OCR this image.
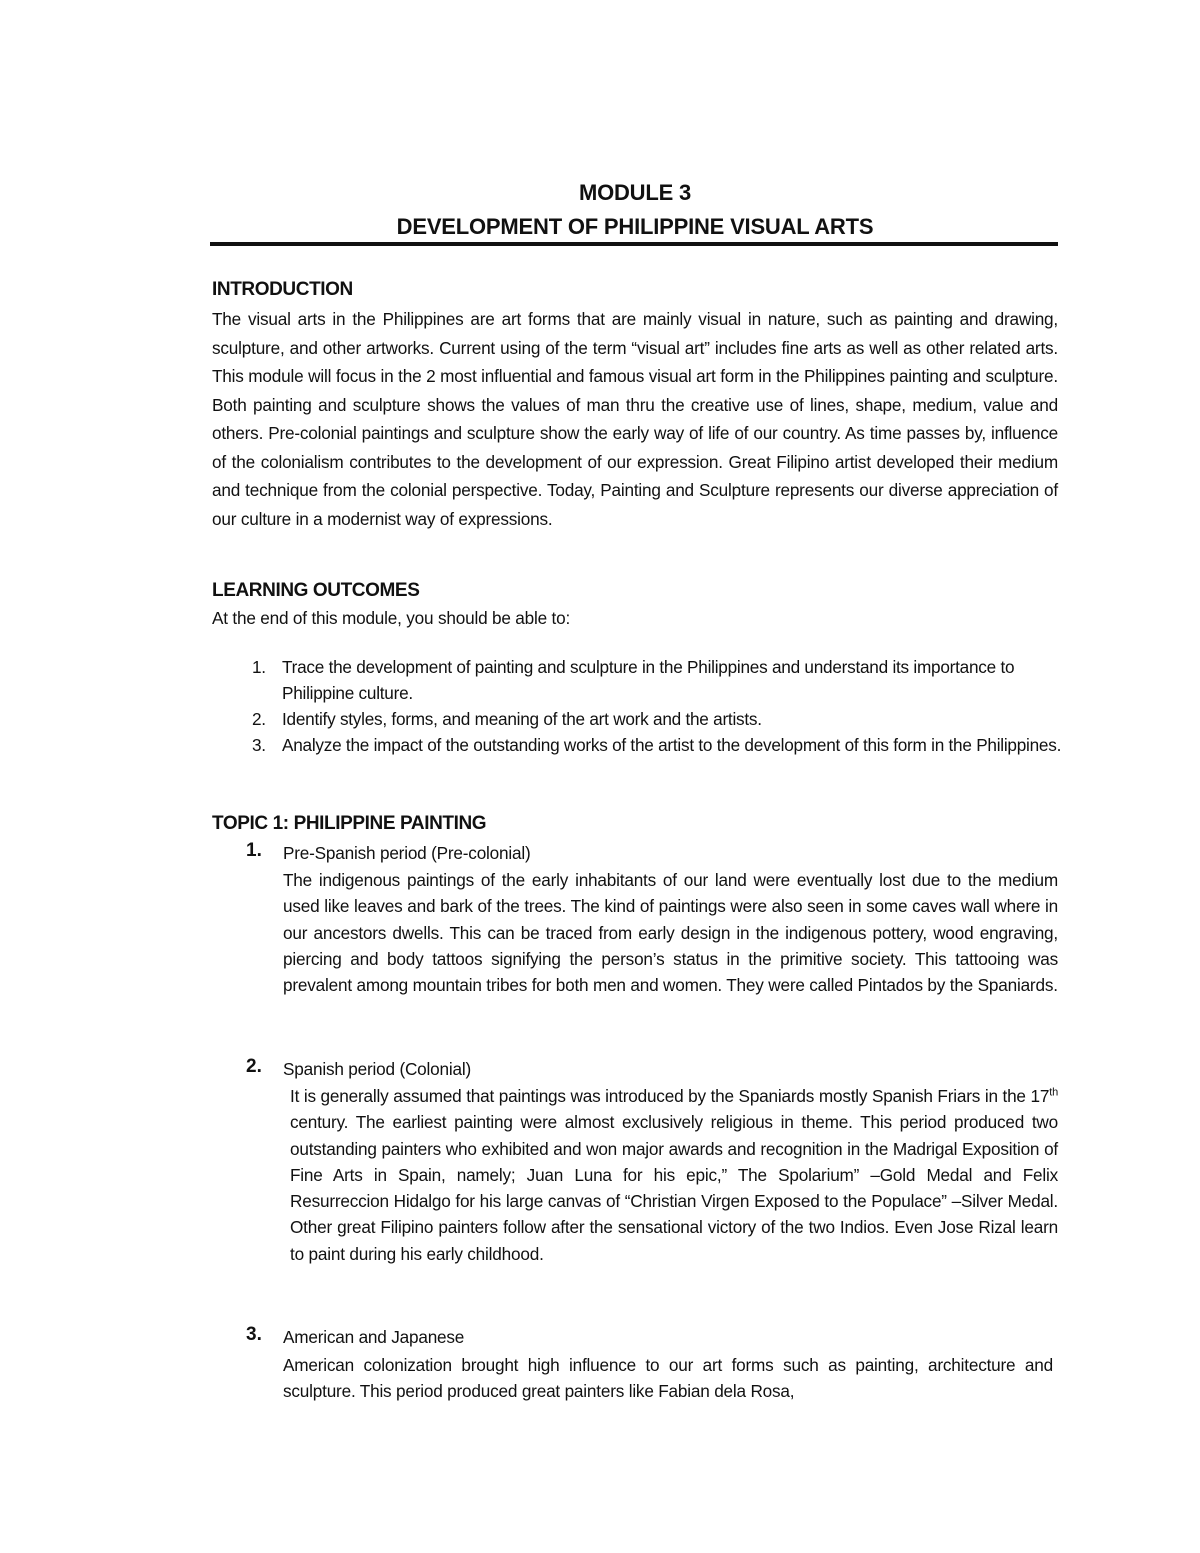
MODULE 3
DEVELOPMENT OF PHILIPPINE VISUAL ARTS
INTRODUCTION

The visual arts in the Philippines are art forms that are mainly visual in nature, such as painting and drawing, sculpture, and other artworks. Current using of the term “visual art” includes fine arts as well as other related arts. This module will focus in the 2 most influential and famous visual art form in the Philippines painting and sculpture. Both painting and sculpture shows the values of man thru the creative use of lines, shape, medium, value and others. Pre-colonial paintings and sculpture show the early way of life of our country. As time passes by, influence of the colonialism contributes to the development of our expression. Great Filipino artist developed their medium and technique from the colonial perspective. Today, Painting and Sculpture represents our diverse appreciation of our culture in a modernist way of expressions.

LEARNING OUTCOMES
At the end of this module, you should be able to:
1. Trace the development of painting and sculpture in the Philippines and understand its importance to Philippine culture.
2. Identify styles, forms, and meaning of the art work and the artists.
3. Analyze the impact of the outstanding works of the artist to the development of this form in the Philippines.
TOPIC 1: PHILIPPINE PAINTING
1. Pre-Spanish period (Pre-colonial)

The indigenous paintings of the early inhabitants of our land were eventually lost due to the medium used like leaves and bark of the trees. The kind of paintings were also seen in some caves wall where in our ancestors dwells. This can be traced from early design in the indigenous pottery, wood engraving, piercing and body tattoos signifying the person’s status in the primitive society. This tattooing was prevalent among mountain tribes for both men and women. They were called Pintados by the Spaniards.

2. Spanish period (Colonial)

It is generally assumed that paintings was introduced by the Spaniards mostly Spanish Friars in the 17th century. The earliest painting were almost exclusively religious in theme. This period produced two outstanding painters who exhibited and won major awards and recognition in the Madrigal Exposition of Fine Arts in Spain, namely; Juan Luna for his epic,” The Spolarium” –Gold Medal and Felix Resurreccion Hidalgo for his large canvas of “Christian Virgen Exposed to the Populace” –Silver Medal. Other great Filipino painters follow after the sensational victory of the two Indios. Even Jose Rizal learn to paint during his early childhood.

3. American and Japanese

American colonization brought high influence to our art forms such as painting, architecture and sculpture. This period produced great painters like Fabian dela Rosa,
